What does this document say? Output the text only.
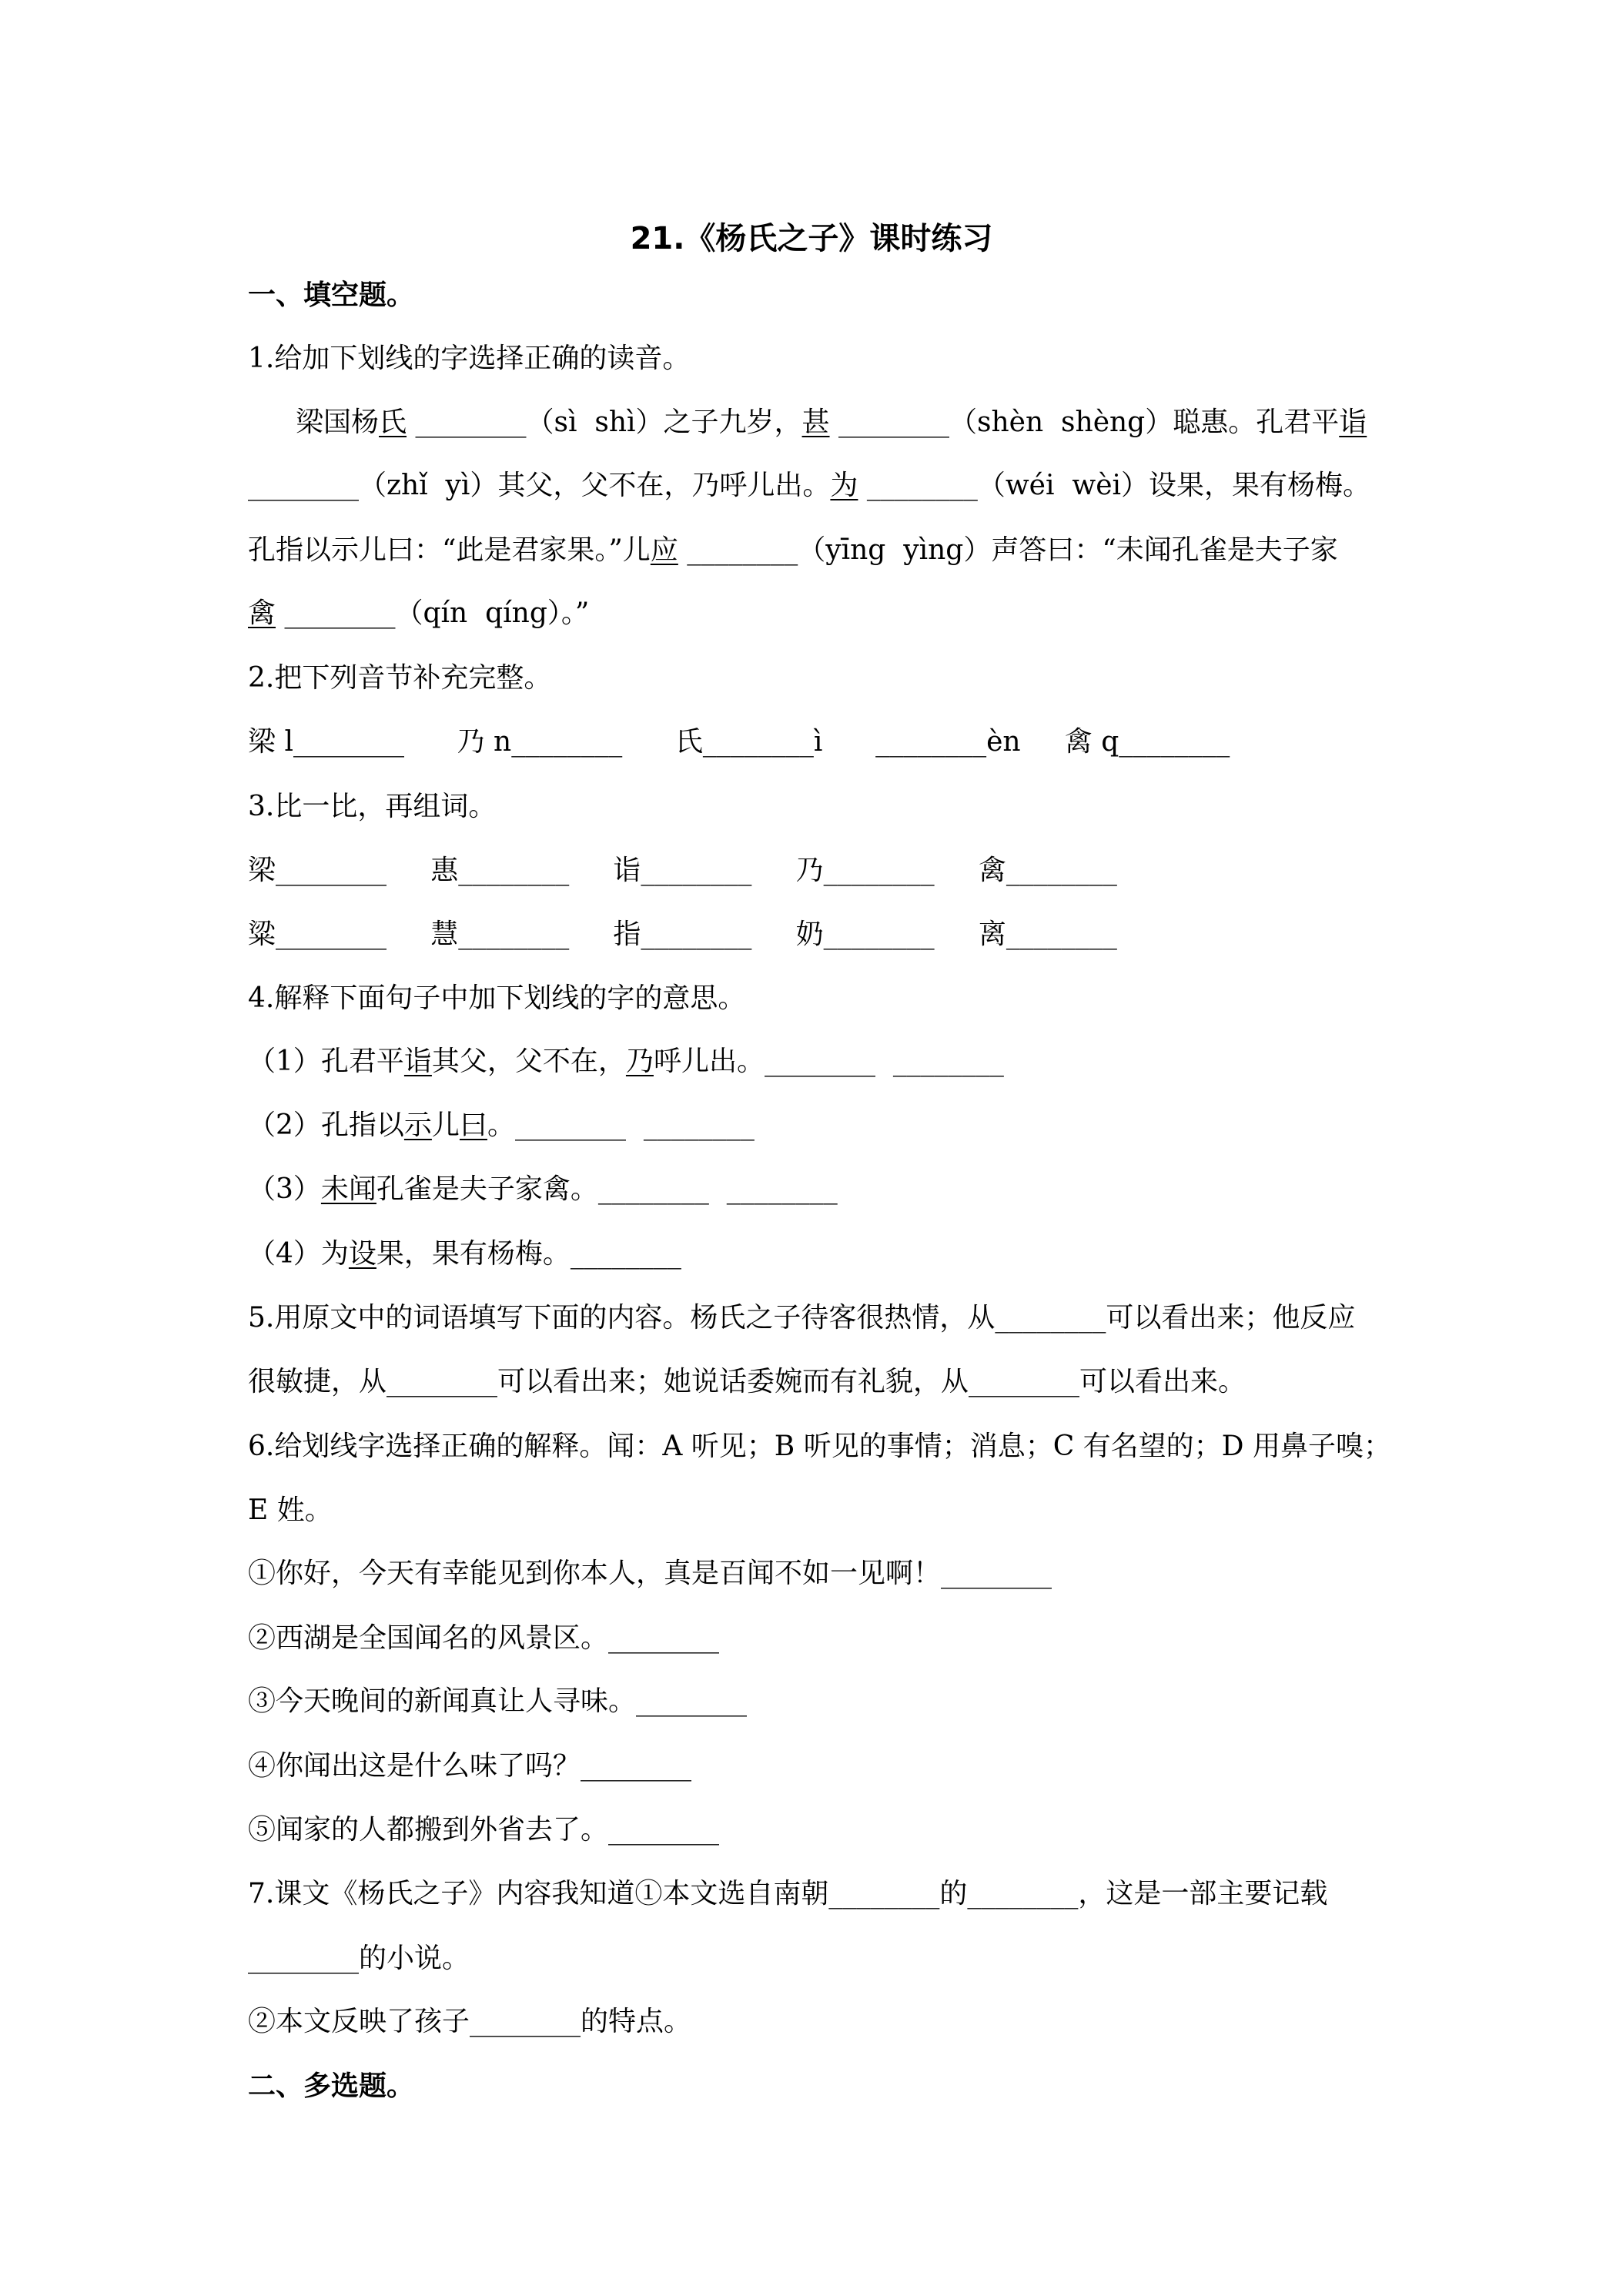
21.《杨氏之子》课时练习
一、填空题。
1.给加下划线的字选择正确的读音。
梁国杨氏 ________（sì  shì）之子九岁，甚 ________（shèn  shèng）聪惠。孔君平诣
________（zhǐ  yì）其父，父不在，乃呼儿出。为 ________（wéi  wèi）设果，果有杨梅。
孔指以示儿曰：“此是君家果。”儿应 ________（yīng  yìng）声答曰：“未闻孔雀是夫子家
禽 ________（qín  qíng）。”
2.把下列音节补充完整。
梁 l________      乃 n________      氏________ì      ________èn     禽 q________
3.比一比，再组词。
梁________     惠________     诣________     乃________     禽________
粱________     慧________     指________     奶________     离________
4.解释下面句子中加下划线的字的意思。
（1）孔君平诣其父，父不在，乃呼儿出。________  ________
（2）孔指以示儿曰。________  ________
（3）未闻孔雀是夫子家禽。________  ________
（4）为设果，果有杨梅。________
5.用原文中的词语填写下面的内容。杨氏之子待客很热情，从________可以看出来；他反应
很敏捷，从________可以看出来；她说话委婉而有礼貌，从________可以看出来。
6.给划线字选择正确的解释。闻：A 听见；B 听见的事情；消息；C 有名望的；D 用鼻子嗅；
E 姓。
①你好，今天有幸能见到你本人，真是百闻不如一见啊！________
②西湖是全国闻名的风景区。________
③今天晚间的新闻真让人寻味。________
④你闻出这是什么味了吗？________
⑤闻家的人都搬到外省去了。________
7.课文《杨氏之子》内容我知道①本文选自南朝________的________，这是一部主要记载
________的小说。
②本文反映了孩子________的特点。
二、多选题。
